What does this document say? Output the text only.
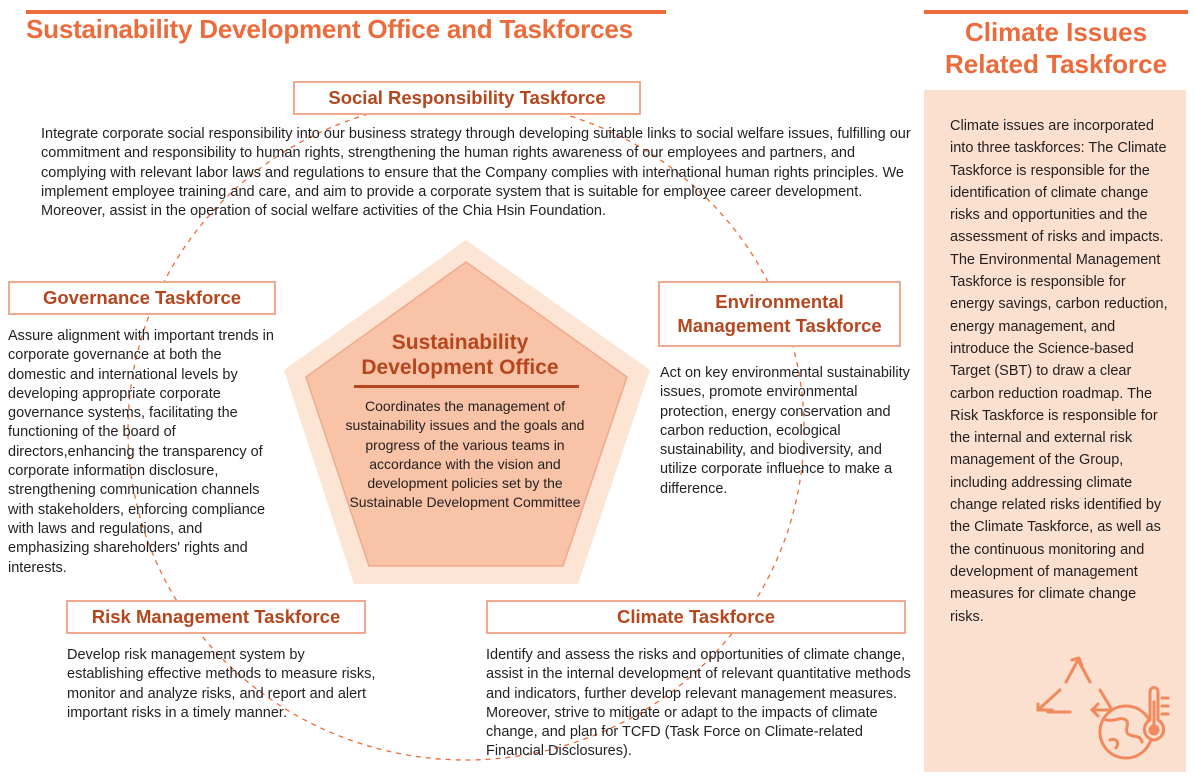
Sustainability Development Office and Taskforces	Climate Issues
Related Taskforce
Sustainability
Development Office
Coordinates the management of sustainability issues and the goals and progress of the various teams in accordance with the vision and development policies set by the Sustainable Development Committee
Social Responsibility Taskforce
Integrate corporate social responsibility into our business strategy through developing suitable links to social welfare issues, fulfilling our commitment and responsibility to human rights, strengthening the human rights awareness of our employees and partners, and complying with relevant labor laws and regulations to ensure that the Company complies with international human rights principles. We implement employee training and care, and aim to provide a corporate system that is suitable for employee career development. Moreover, assist in the operation of social welfare activities of the Chia Hsin Foundation.
Governance Taskforce
Assure alignment with important trends in corporate governance at both the domestic and international levels by developing appropriate corporate governance systems, facilitating the functioning of the board of directors,enhancing the transparency of corporate information disclosure, strengthening communication channels with stakeholders, enforcing compliance with laws and regulations, and emphasizing shareholders' rights and interests.
Environmental
Management Taskforce
Act on key environmental sustainability issues, promote environmental protection, energy conservation and carbon reduction, ecological sustainability, and biodiversity, and utilize corporate influence to make a difference.
Risk Management Taskforce
Develop risk management system by establishing effective methods to measure risks, monitor and analyze risks, and report and alert important risks in a timely manner.
Climate Taskforce
Identify and assess the risks and opportunities of climate change, assist in the internal development of relevant quantitative methods and indicators, further develop relevant management measures. Moreover, strive to mitigate or adapt to the impacts of climate change, and plan for TCFD (Task Force on Climate-related Financial Disclosures).
Climate issues are incorporated into three taskforces: The Climate Taskforce is responsible for the identification of climate change risks and opportunities and the assessment of risks and impacts. The Environmental Management Taskforce is responsible for energy savings, carbon reduction, energy management, and introduce the Science-based Target (SBT) to draw a clear carbon reduction roadmap. The Risk Taskforce is responsible for the internal and external risk management of the Group, including addressing climate change related risks identified by the Climate Taskforce, as well as the continuous monitoring and development of management measures for climate change risks.
